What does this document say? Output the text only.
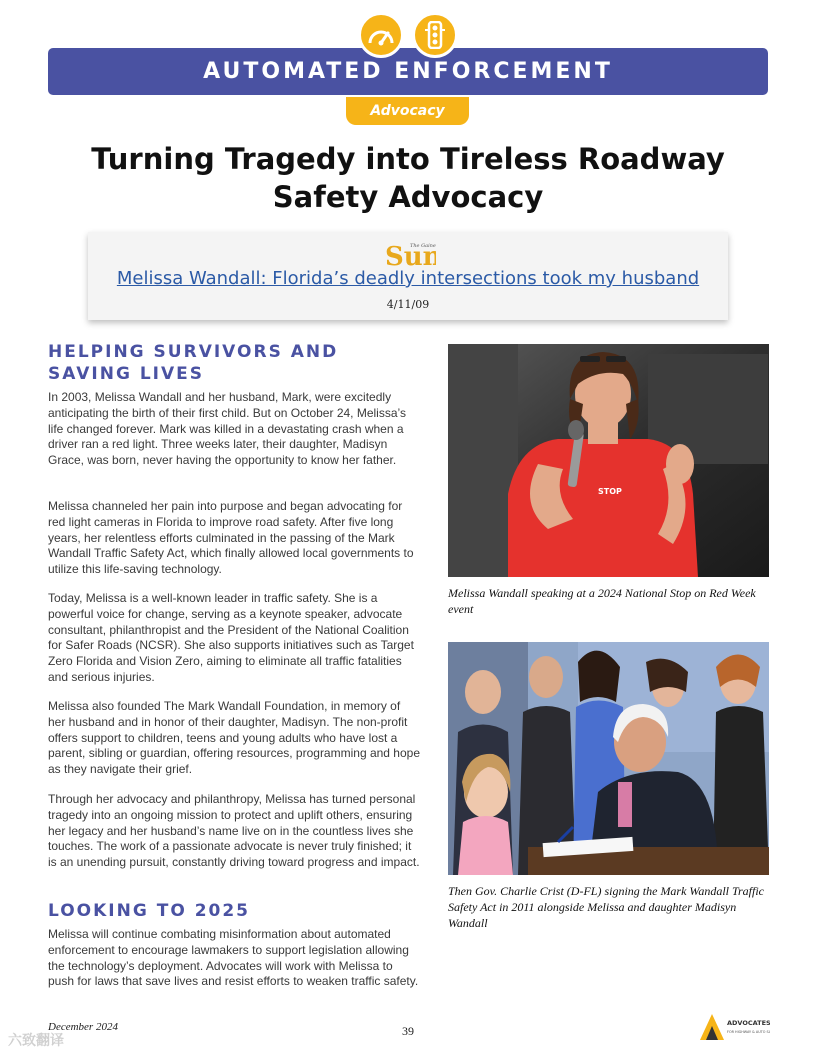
AUTOMATED ENFORCEMENT
Advocacy
Turning Tragedy into Tireless Roadway Safety Advocacy
Sun
The Gaine
Melissa Wandall: Florida’s deadly intersections took my husband
4/11/09
HELPING SURVIVORS AND SAVING LIVES

In 2003, Melissa Wandall and her husband, Mark, were excitedly anticipating the birth of their first child. But on October 24, Melissa’s life changed forever. Mark was killed in a devastating crash when a driver ran a red light. Three weeks later, their daughter, Madisyn Grace, was born, never having the opportunity to know her father.

Melissa channeled her pain into purpose and began advocating for red light cameras in Florida to improve road safety. After five long years, her relentless efforts culminated in the passing of the Mark Wandall Traffic Safety Act, which finally allowed local governments to utilize this life-saving technology.

Today, Melissa is a well-known leader in traffic safety. She is a powerful voice for change, serving as a keynote speaker, advocate consultant, philanthropist and the President of the National Coalition for Safer Roads (NCSR). She also supports initiatives such as Target Zero Florida and Vision Zero, aiming to eliminate all traffic fatalities and serious injuries.

Melissa also founded The Mark Wandall Foundation, in memory of her husband and in honor of their daughter, Madisyn. The non-profit offers support to children, teens and young adults who have lost a parent, sibling or guardian, offering resources, programming and hope as they navigate their grief.

Through her advocacy and philanthropy, Melissa has turned personal tragedy into an ongoing mission to protect and uplift others, ensuring her legacy and her husband’s name live on in the countless lives she touches. The work of a passionate advocate is never truly finished; it is an unending pursuit, constantly driving toward progress and impact.

LOOKING TO 2025

Melissa will continue combating misinformation about automated enforcement to encourage lawmakers to support legislation allowing the technology’s deployment. Advocates will work with Melissa to push for laws that save lives and resist efforts to weaken traffic safety.

STOP

Melissa Wandall speaking at a 2024 National Stop on Red Week event

Then Gov. Charlie Crist (D-FL) signing the Mark Wandall Traffic Safety Act in 2011 alongside Melissa and daughter Madisyn Wandall

December 2024	39
ADVOCATES
FOR HIGHWAY & AUTO S
六致翻译
